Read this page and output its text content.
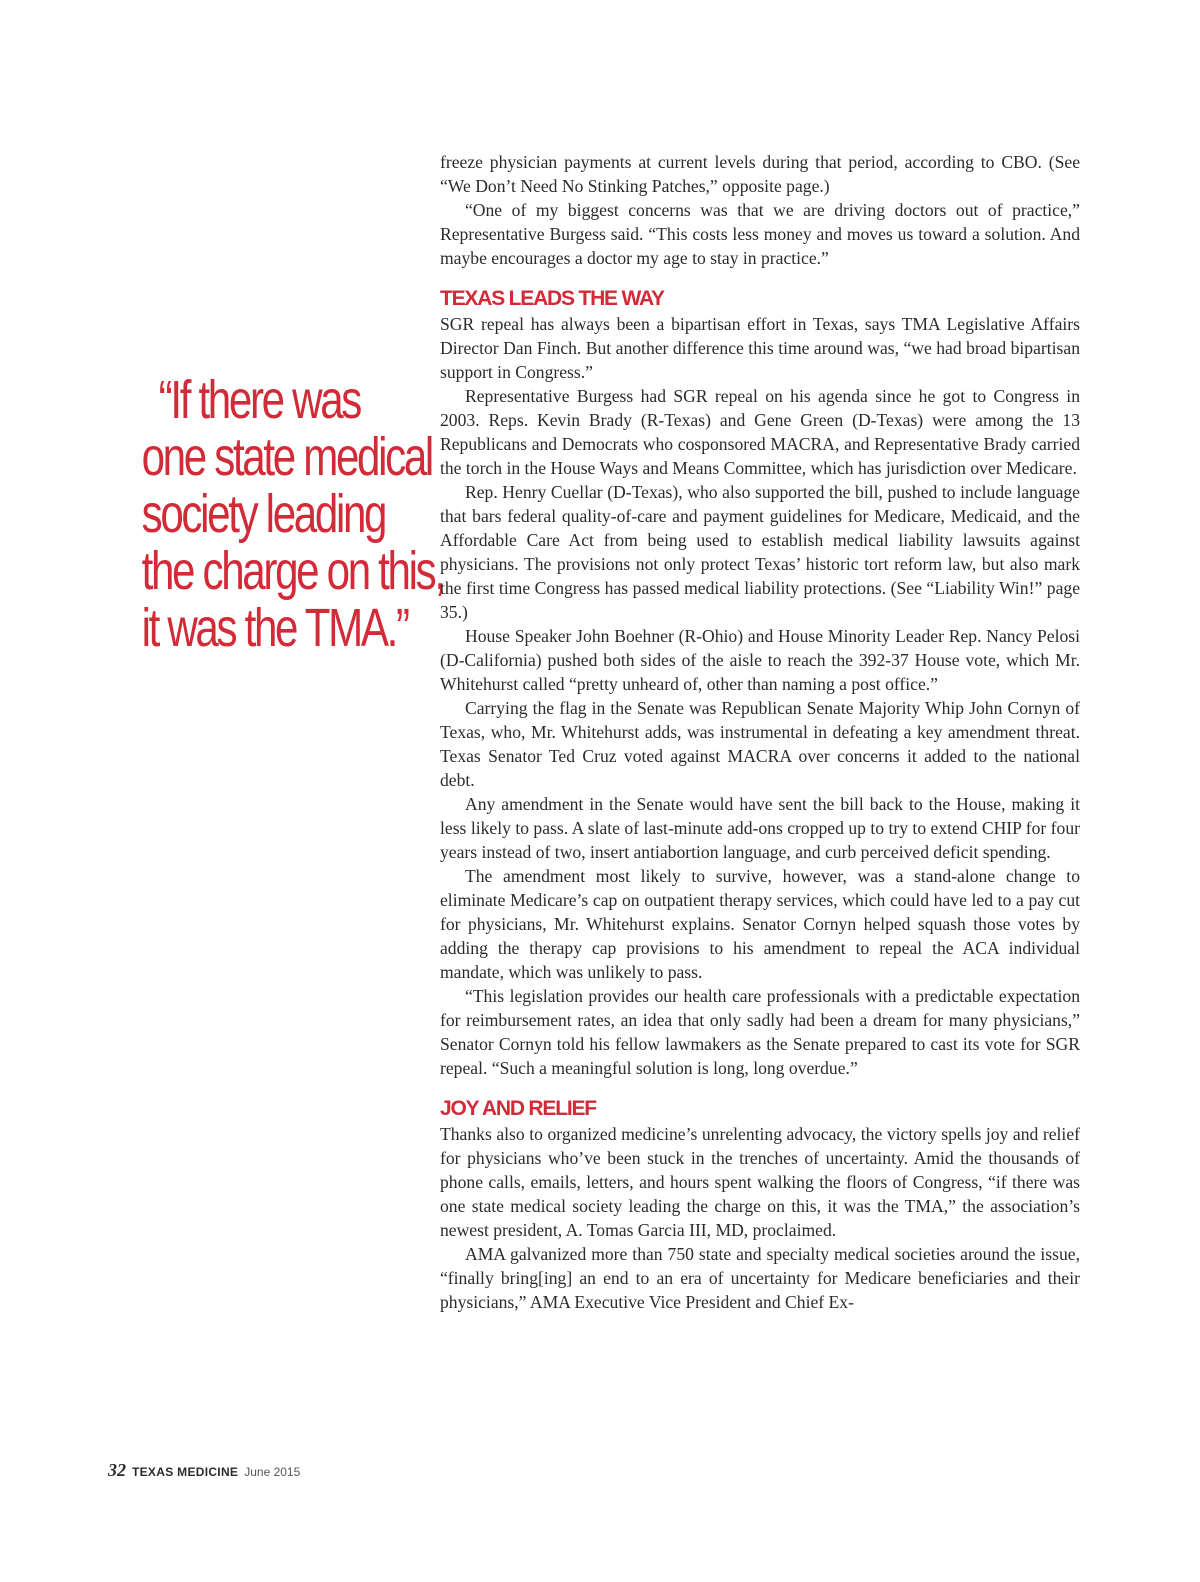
“If there was
one state medical
society leading
the charge on this,
it was the TMA.”

freeze physician payments at current levels during that period, according to CBO. (See “We Don’t Need No Stinking Patches,” opposite page.)

“One of my biggest concerns was that we are driving doctors out of practice,” Representative Burgess said. “This costs less money and moves us toward a solution. And maybe encourages a doctor my age to stay in practice.”

TEXAS LEADS THE WAY

SGR repeal has always been a bipartisan effort in Texas, says TMA Legislative Affairs Director Dan Finch. But another difference this time around was, “we had broad bipartisan support in Congress.”

Representative Burgess had SGR repeal on his agenda since he got to Congress in 2003. Reps. Kevin Brady (R-Texas) and Gene Green (D-Texas) were among the 13 Republicans and Democrats who cosponsored MACRA, and Representative Brady carried the torch in the House Ways and Means Committee, which has jurisdiction over Medicare.

Rep. Henry Cuellar (D-Texas), who also supported the bill, pushed to include language that bars federal quality-of-care and payment guidelines for Medicare, Medicaid, and the Affordable Care Act from being used to establish medical liability lawsuits against physicians. The provisions not only protect Texas’ historic tort reform law, but also mark the first time Congress has passed medical liability protections. (See “Liability Win!” page 35.)

House Speaker John Boehner (R-Ohio) and House Minority Leader Rep. Nancy Pelosi (D-California) pushed both sides of the aisle to reach the 392-37 House vote, which Mr. Whitehurst called “pretty unheard of, other than naming a post office.”

Carrying the flag in the Senate was Republican Senate Majority Whip John Cornyn of Texas, who, Mr. Whitehurst adds, was instrumental in defeating a key amendment threat. Texas Senator Ted Cruz voted against MACRA over concerns it added to the national debt.

Any amendment in the Senate would have sent the bill back to the House, making it less likely to pass. A slate of last-minute add-ons cropped up to try to extend CHIP for four years instead of two, insert antiabortion language, and curb perceived deficit spending.

The amendment most likely to survive, however, was a stand-alone change to eliminate Medicare’s cap on outpatient therapy services, which could have led to a pay cut for physicians, Mr. Whitehurst explains. Senator Cornyn helped squash those votes by adding the therapy cap provisions to his amendment to repeal the ACA individual mandate, which was unlikely to pass.

“This legislation provides our health care professionals with a predictable expectation for reimbursement rates, an idea that only sadly had been a dream for many physicians,” Senator Cornyn told his fellow lawmakers as the Senate prepared to cast its vote for SGR repeal. “Such a meaningful solution is long, long overdue.”

JOY AND RELIEF

Thanks also to organized medicine’s unrelenting advocacy, the victory spells joy and relief for physicians who’ve been stuck in the trenches of uncertainty. Amid the thousands of phone calls, emails, letters, and hours spent walking the floors of Congress, “if there was one state medical society leading the charge on this, it was the TMA,” the association’s newest president, A. Tomas Garcia III, MD, proclaimed.

AMA galvanized more than 750 state and specialty medical societies around the issue, “finally bring[ing] an end to an era of uncertainty for Medicare beneficiaries and their physicians,” AMA Executive Vice President and Chief Ex-

32 TEXAS MEDICINE June 2015
